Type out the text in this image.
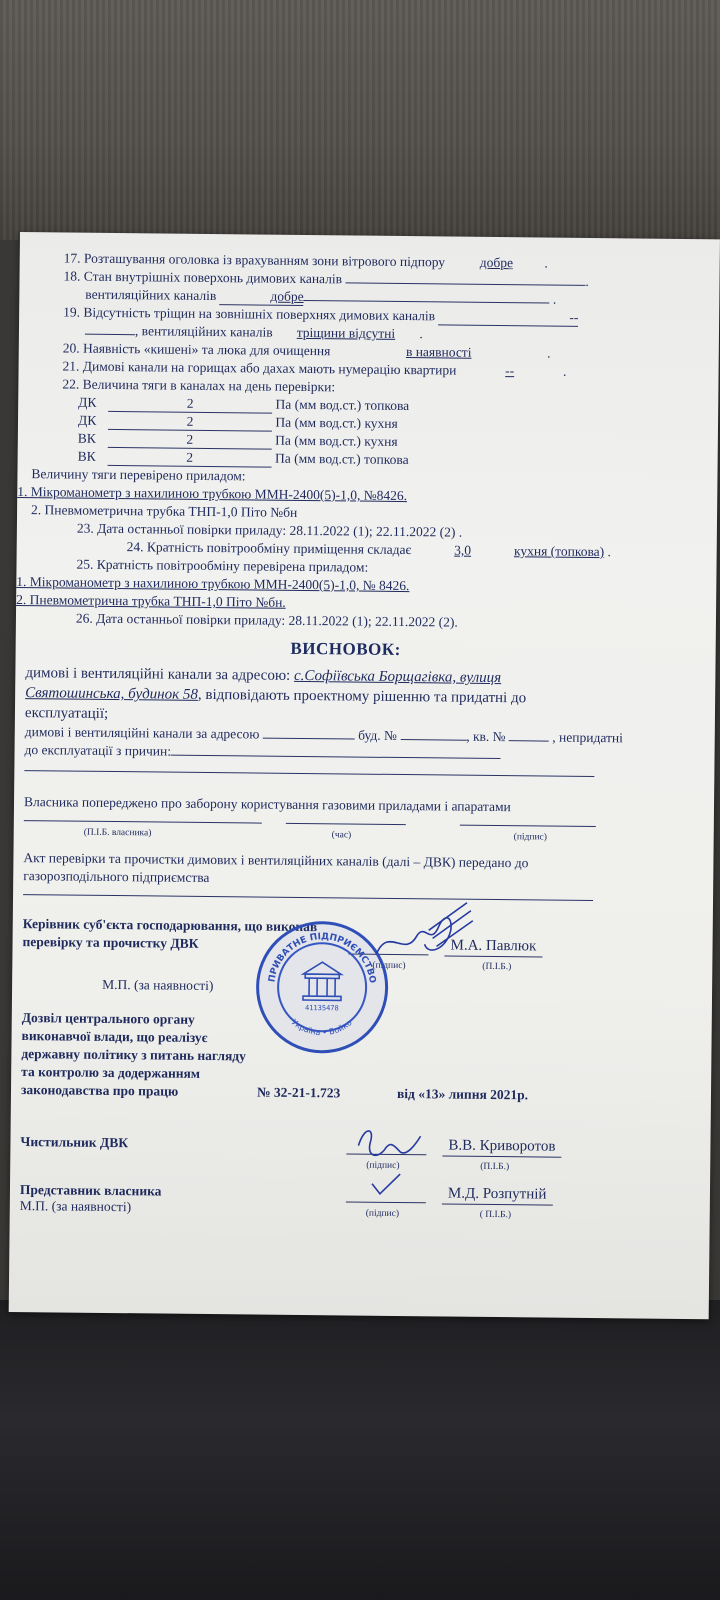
17. Розташування оголовка із врахуванням зони вітрового підпору	добре .
18. Стан внутрішніх поверхонь димових каналів	.
вентиляційних каналів	добре	.
19. Відсутність тріщин на зовнішніх поверхнях димових каналів	--
, вентиляційних каналів тріщини відсутні .
20. Наявність «кишені» та люка для очищення	в наявності	.
21. Димові канали на горищах або дахах мають нумерацію квартири	--	.
22. Величина тяги в каналах на день перевірки:
ДК	2	Па (мм вод.ст.) топкова
ДК	2	Па (мм вод.ст.) кухня
ВК	2	Па (мм вод.ст.) кухня
ВК	2	Па (мм вод.ст.) топкова
Величину тяги перевірено приладом:
1. Мікроманометр з нахилиною трубкою ММН-2400(5)-1,0, №8426.
2. Пневмометрична трубка ТНП-1,0 Піто №бн
23. Дата останньої повірки приладу: 28.11.2022 (1); 22.11.2022 (2) .
24. Кратність повітрообміну приміщення складає	3,0	кухня (топкова) .
25. Кратність повітрообміну перевірена приладом:
1. Мікроманометр з нахилиною трубкою ММН-2400(5)-1,0, № 8426.
2. Пневмометрична трубка ТНП-1,0 Піто №бн.
26. Дата останньої повірки приладу: 28.11.2022 (1); 22.11.2022 (2).
ВИСНОВОК:
димові і вентиляційні канали за адресою: с.Софіївська Борщагівка, вулиця
Святошинська, будинок 58, відповідають проектному рішенню та придатні до
експлуатації;
димові і вентиляційні канали за адресою	буд. №	, кв. №	, непридатні
до експлуатації з причин:
Власника попереджено про заборону користування газовими приладами і апаратами
(П.І.Б. власника)	(час)	(підпис)
Акт перевірки та прочистки димових і вентиляційних каналів (далі – ДВК) передано до
газорозподільного підприємства
Керівник суб'єкта господарювання, що виконав
перевірку та прочистку ДВК	М.А. Павлюк
(підпис)	(П.І.Б.)
М.П. (за наявності)
Дозвіл центрального органу
виконавчої влади, що реалізує
державну політику з питань нагляду
та контролю за додержанням
законодавства про працю	№ 32-21-1.723	від «13» липня 2021р.
Чистильник ДВК	В.В. Криворотов
(підпис)	(П.І.Б.)
Представник власника
М.П. (за наявності)
М.Д. Розпутній
(підпис)	( П.І.Б.)
ПРИВАТНЕ ПІДПРИЄМСТВО
Україна • Бойко
41135478
